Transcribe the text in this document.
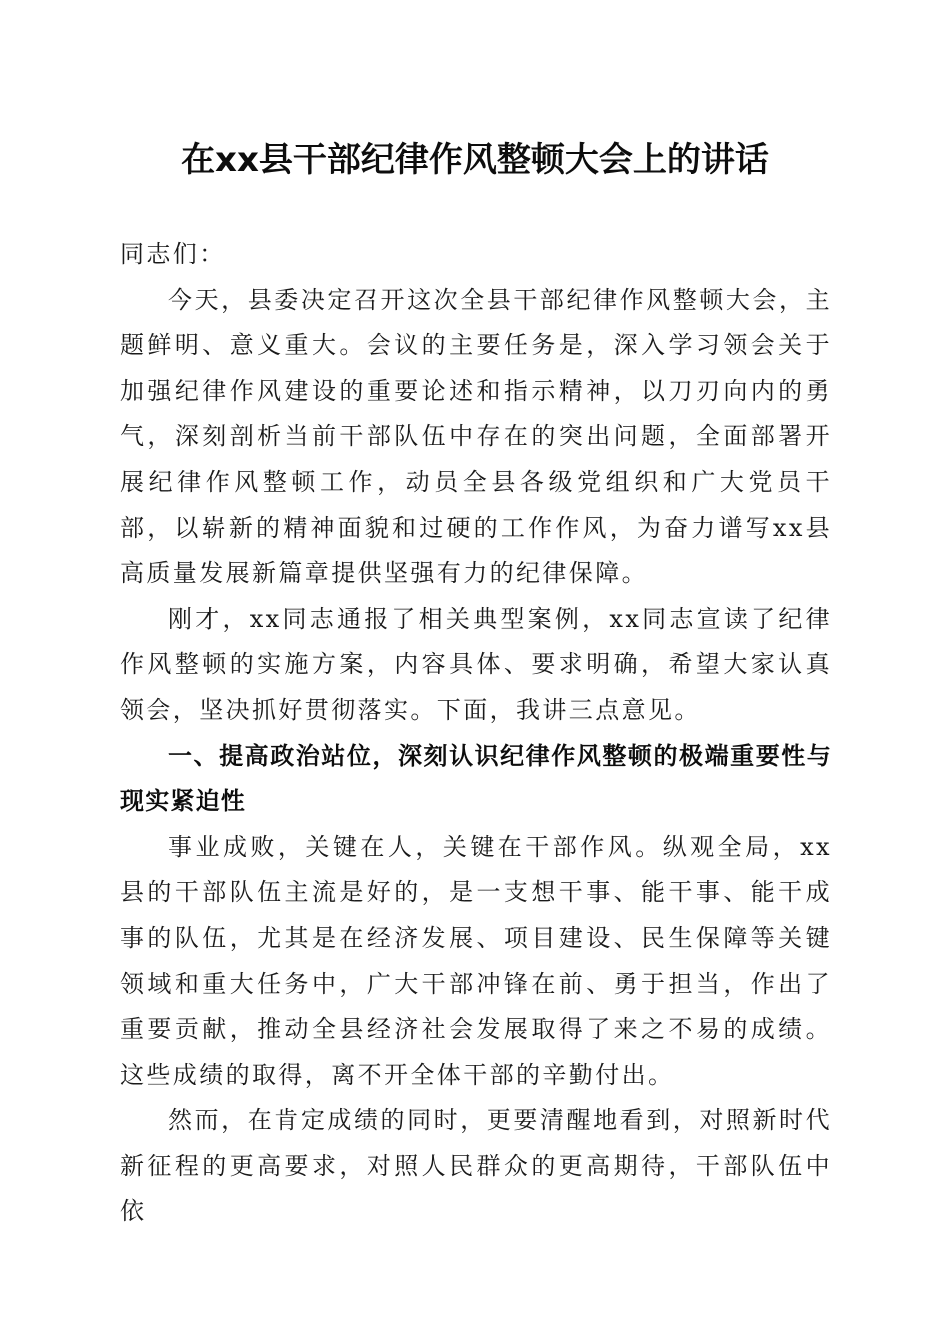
在xx县干部纪律作风整顿大会上的讲话

同志们：

今天，县委决定召开这次全县干部纪律作风整顿大会，主题鲜明、意义重大。会议的主要任务是，深入学习领会关于加强纪律作风建设的重要论述和指示精神，以刀刃向内的勇气，深刻剖析当前干部队伍中存在的突出问题，全面部署开展纪律作风整顿工作，动员全县各级党组织和广大党员干部，以崭新的精神面貌和过硬的工作作风，为奋力谱写xx县高质量发展新篇章提供坚强有力的纪律保障。

刚才，xx同志通报了相关典型案例，xx同志宣读了纪律作风整顿的实施方案，内容具体、要求明确，希望大家认真领会，坚决抓好贯彻落实。下面，我讲三点意见。

一、提高政治站位，深刻认识纪律作风整顿的极端重要性与现实紧迫性

事业成败，关键在人，关键在干部作风。纵观全局，xx县的干部队伍主流是好的，是一支想干事、能干事、能干成事的队伍，尤其是在经济发展、项目建设、民生保障等关键领域和重大任务中，广大干部冲锋在前、勇于担当，作出了重要贡献，推动全县经济社会发展取得了来之不易的成绩。这些成绩的取得，离不开全体干部的辛勤付出。

然而，在肯定成绩的同时，更要清醒地看到，对照新时代新征程的更高要求，对照人民群众的更高期待，干部队伍中依
